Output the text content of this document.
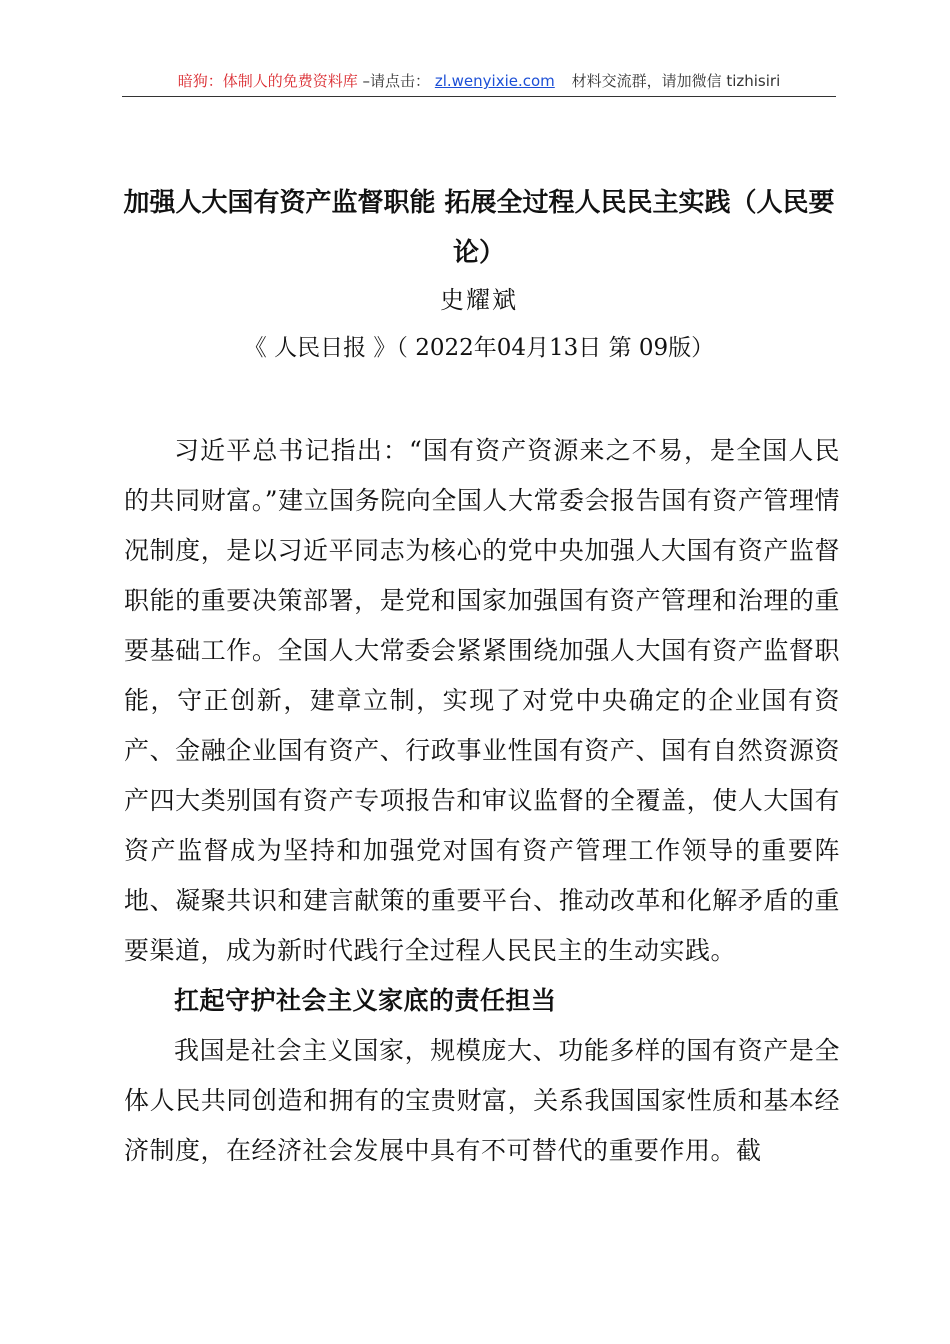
暗狗：体制人的免费资料库 –请点击： zl.wenyixie.com 材料交流群，请加微信 tizhisiri
加强人大国有资产监督职能 拓展全过程人民民主实践（人民要
论）
史耀斌
《 人民日报 》（ 2022年04月13日 第 09版）

习近平总书记指出：“国有资产资源来之不易，是全国人民的共同财富。”建立国务院向全国人大常委会报告国有资产管理情况制度，是以习近平同志为核心的党中央加强人大国有资产监督职能的重要决策部署，是党和国家加强国有资产管理和治理的重要基础工作。全国人大常委会紧紧围绕加强人大国有资产监督职能，守正创新，建章立制，实现了对党中央确定的企业国有资产、金融企业国有资产、行政事业性国有资产、国有自然资源资产四大类别国有资产专项报告和审议监督的全覆盖，使人大国有资产监督成为坚持和加强党对国有资产管理工作领导的重要阵地、凝聚共识和建言献策的重要平台、推动改革和化解矛盾的重要渠道，成为新时代践行全过程人民民主的生动实践。

扛起守护社会主义家底的责任担当

我国是社会主义国家，规模庞大、功能多样的国有资产是全体人民共同创造和拥有的宝贵财富，关系我国国家性质和基本经济制度，在经济社会发展中具有不可替代的重要作用。截
